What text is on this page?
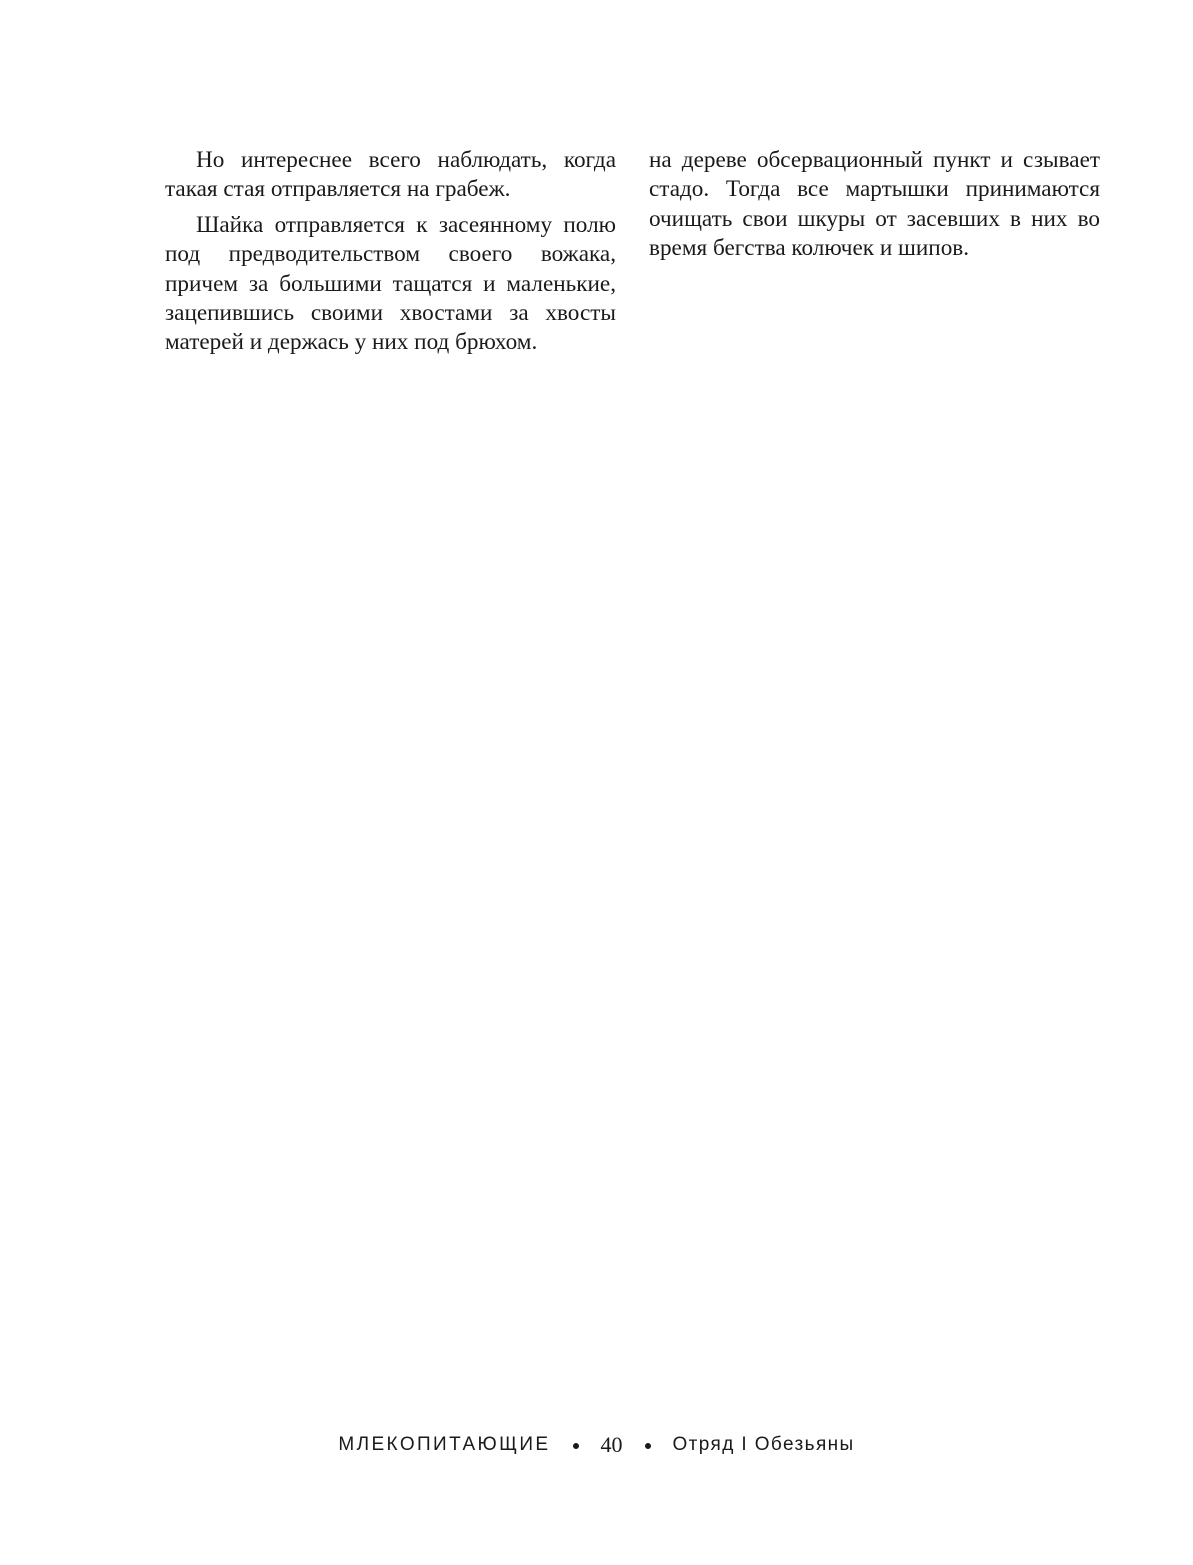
Но интереснее всего наблюдать, когда такая стая отправляется на грабеж.

Шайка отправляется к засеянному полю под предводительством своего вожака, причем за большими тащатся и маленькие, зацепившись своими хвостами за хвосты матерей и держась у них под брюхом.

на дереве обсервационный пункт и сзывает стадо. Тогда все мартышки принимаются очищать свои шкуры от засевших в них во время бегства колючек и шипов.

МЛЕКОПИТАЮЩИЕ 40	Отряд I Обезьяны
